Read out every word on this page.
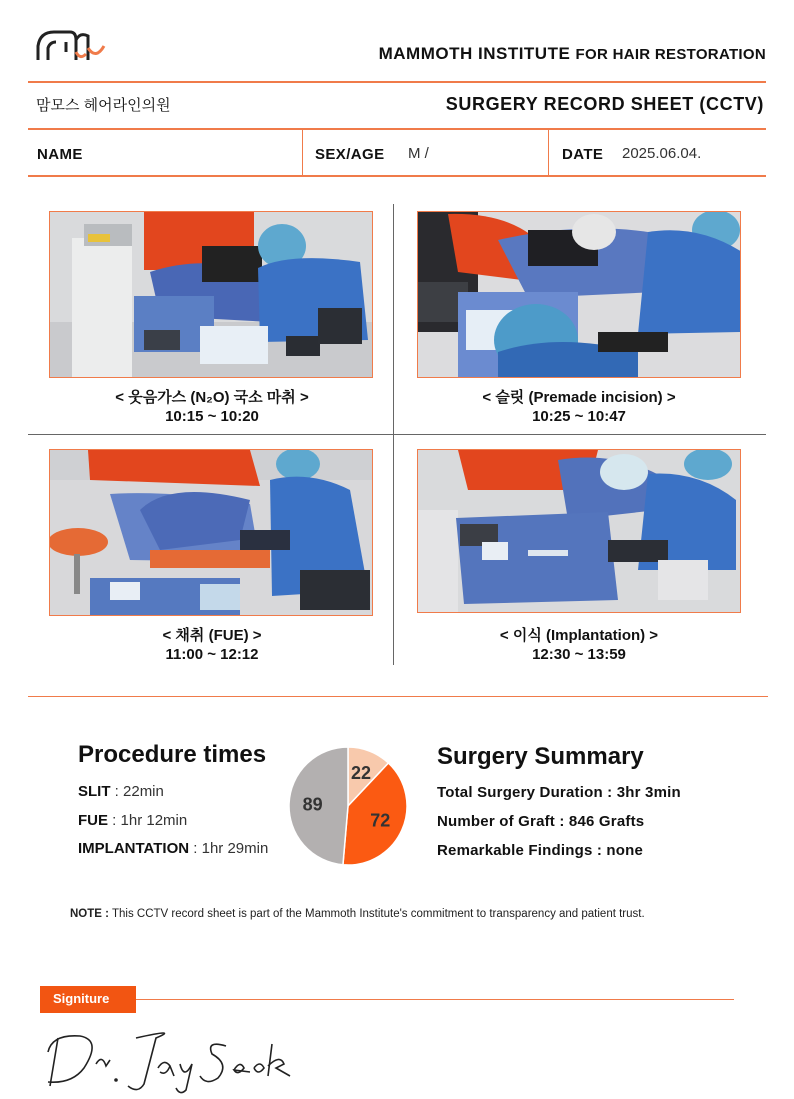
MAMMOTH INSTITUTE FOR HAIR RESTORATION
맘모스 헤어라인의원	SURGERY RECORD SHEET (CCTV)
NAME	SEX/AGE M /	DATE 2025.06.04.
< 웃음가스 (N₂O) 국소 마취 >
10:15 ~ 10:20
< 슬릿 (Premade incision) >
10:25 ~ 10:47
< 채취 (FUE) >
11:00 ~ 12:12
< 이식 (Implantation) >
12:30 ~ 13:59
Procedure times
SLIT : 22min
FUE : 1hr 12min
IMPLANTATION : 1hr 29min
22
72
89
Surgery Summary
Total Surgery Duration : 3hr 3min
Number of Graft : 846 Grafts
Remarkable Findings : none
NOTE : This CCTV record sheet is part of the Mammoth Institute's commitment to transparency and patient trust.
Signiture
